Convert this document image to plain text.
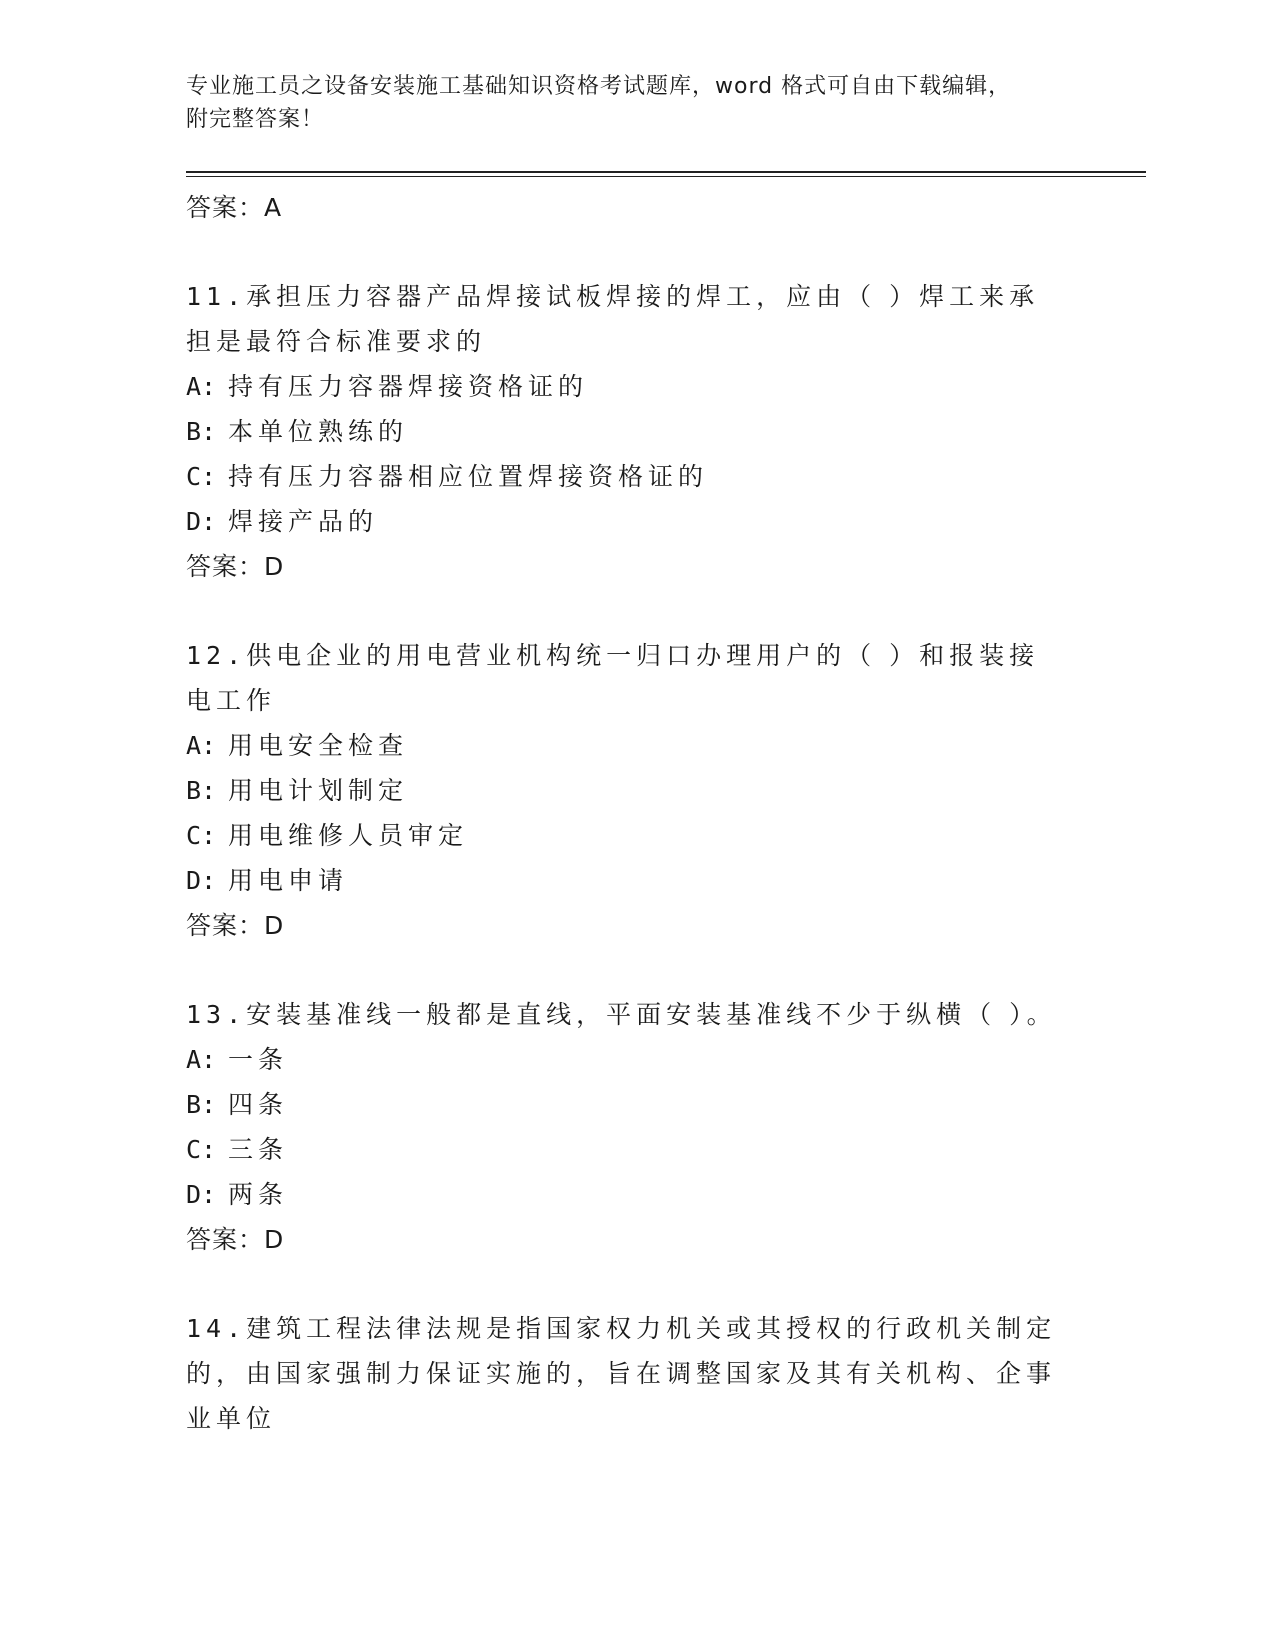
专业施工员之设备安装施工基础知识资格考试题库，word 格式可自由下载编辑，
附完整答案！

答案：A

11.承担压力容器产品焊接试板焊接的焊工，应由（ ）焊工来承担是最符合标准要求的

A: 持有压力容器焊接资格证的

B: 本单位熟练的

C: 持有压力容器相应位置焊接资格证的

D: 焊接产品的

答案：D

12.供电企业的用电营业机构统一归口办理用户的（ ）和报装接电工作

A: 用电安全检查

B: 用电计划制定

C: 用电维修人员审定

D: 用电申请

答案：D

13.安装基准线一般都是直线，平面安装基准线不少于纵横（ ）。

A: 一条

B: 四条

C: 三条

D: 两条

答案：D

14.建筑工程法律法规是指国家权力机关或其授权的行政机关制定的，由国家强制力保证实施的，旨在调整国家及其有关机构、企事业单位
